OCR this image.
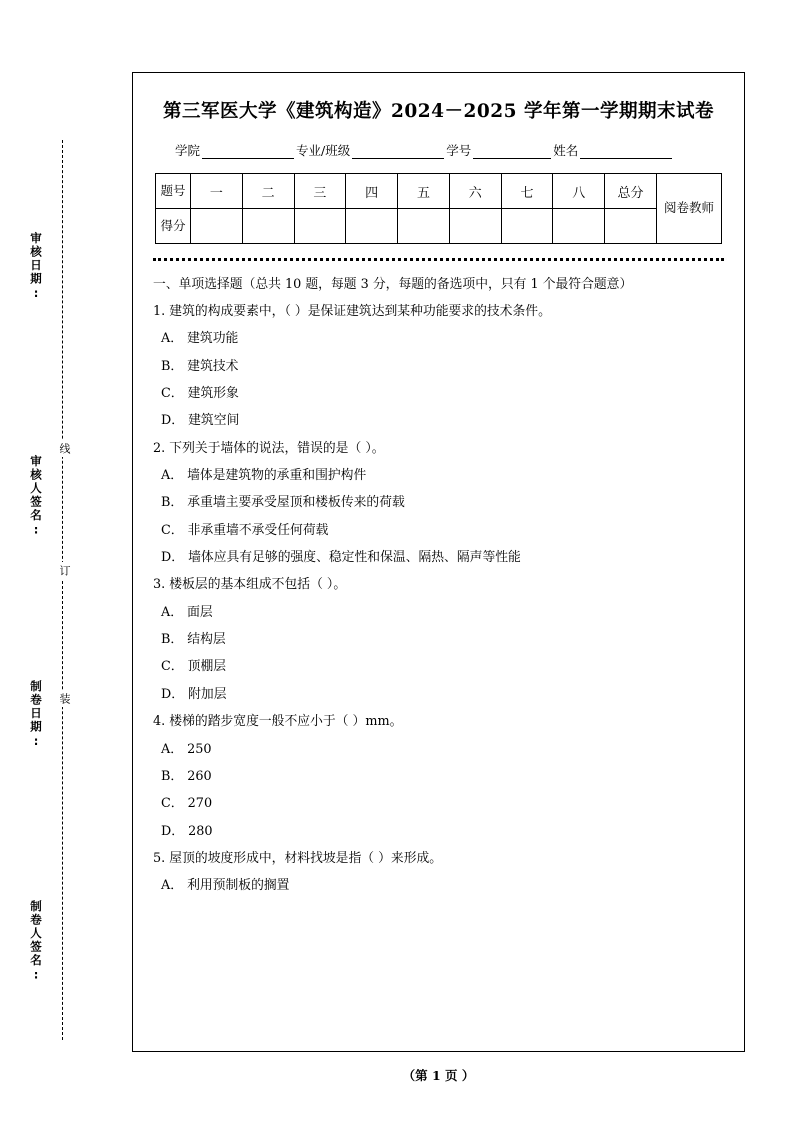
审核日期:
审核人签名:
制卷日期:
制卷人签名:
线
订
装
第三军医大学《建筑构造》2024－2025 学年第一学期期末试卷
学院	专业/班级	学号	姓名
题号	一	二	三	四	五	六	七	八	总分	阅卷教师
得分										
一、单项选择题（总共 10 题，每题 3 分，每题的备选项中，只有 1 个最符合题意）
1. 建筑的构成要素中，（ ）是保证建筑达到某种功能要求的技术条件。
A． 建筑功能
B． 建筑技术
C． 建筑形象
D． 建筑空间
2. 下列关于墙体的说法，错误的是（ ）。
A． 墙体是建筑物的承重和围护构件
B． 承重墙主要承受屋顶和楼板传来的荷载
C． 非承重墙不承受任何荷载
D． 墙体应具有足够的强度、稳定性和保温、隔热、隔声等性能
3. 楼板层的基本组成不包括（ ）。
A． 面层
B． 结构层
C． 顶棚层
D． 附加层
4. 楼梯的踏步宽度一般不应小于（ ）mm。
A． 250
B． 260
C． 270
D． 280
5. 屋顶的坡度形成中，材料找坡是指（ ）来形成。
A． 利用预制板的搁置
（第 1 页 ）
